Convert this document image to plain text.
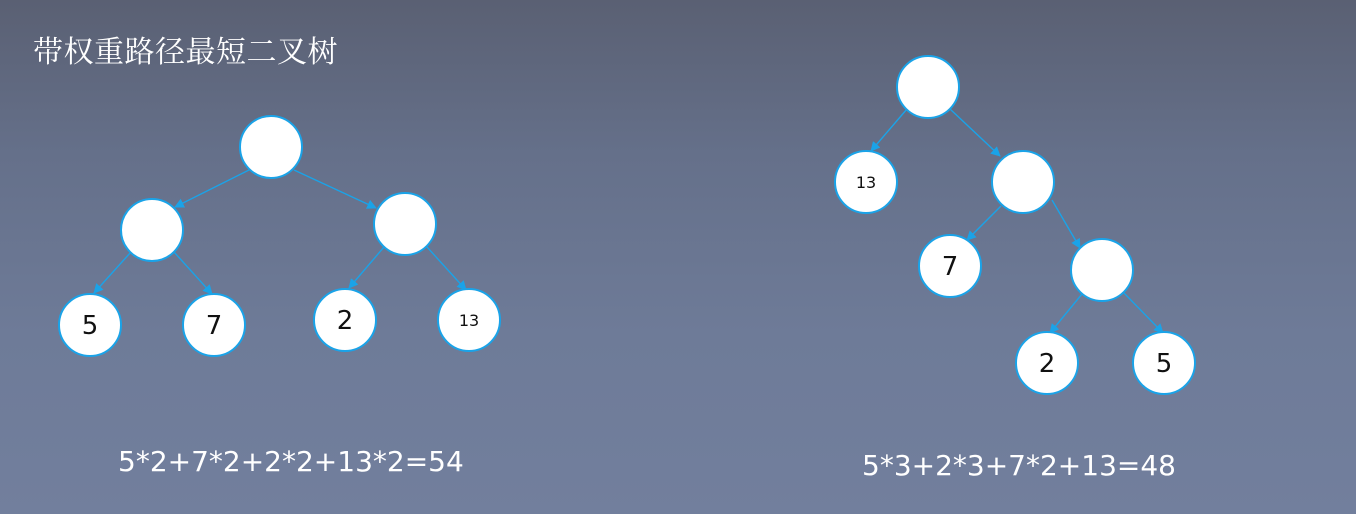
带权重路径最短二叉树
5	7	2	13
13
7
2	5
5*2+7*2+2*2+13*2=54	5*3+2*3+7*2+13=48
